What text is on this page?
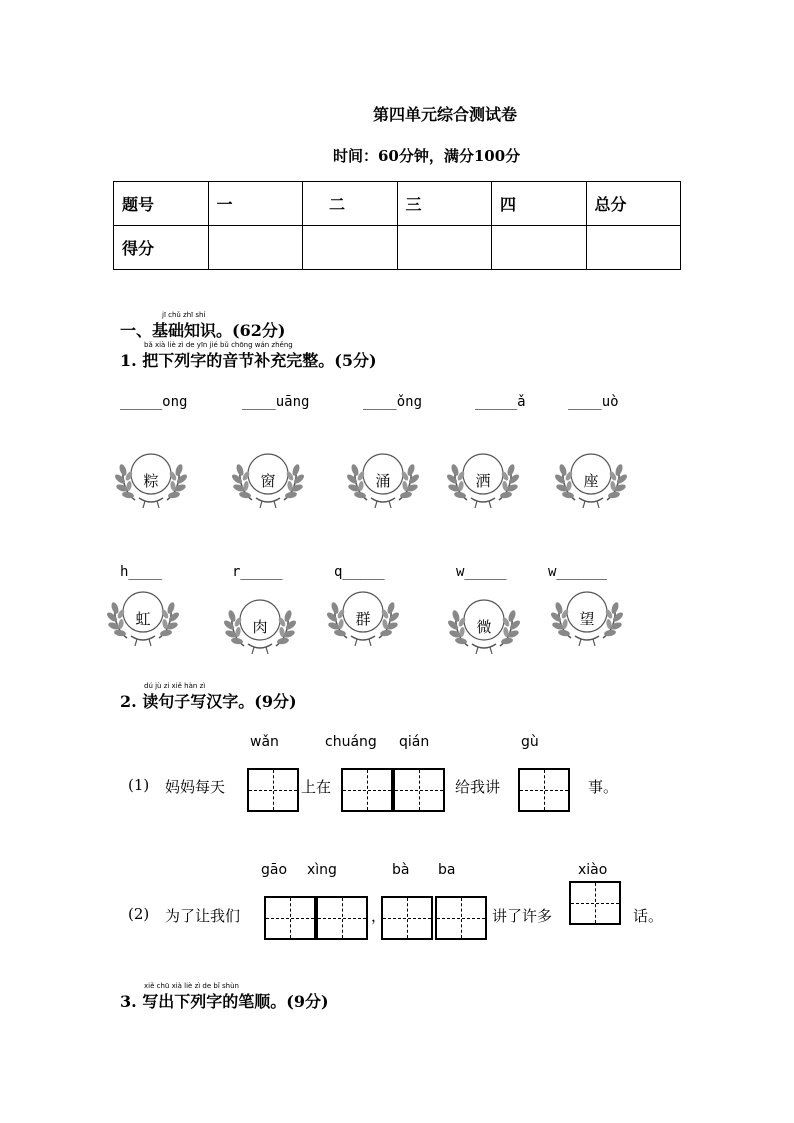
第四单元综合测试卷
时间：60分钟，满分100分
题号	一	二	三	四	总分
得分					
jī chǔ zhī shí
一、基础知识。(62分)
bǎ xià liè zì de yīn jié bǔ chōng wán zhěng
1. 把下列字的音节补充完整。(5分)
_____ong	____uāng	____ǒng	_____ǎ	____uò
粽	窗	涌	洒	座
h____	r_____	q_____	w_____	w______
虹	肉	群	微	望
dú jù zi xiě hàn zì
2. 读句子写汉字。(9分)
wǎn	chuáng qián	gù
(1) 妈妈每天	上在	给我讲	事。
gāo xìng	bà ba	xiào
(2) 为了让我们	，	讲了许多	话。
xiě chū xià liè zì de bǐ shùn
3. 写出下列字的笔顺。(9分)
